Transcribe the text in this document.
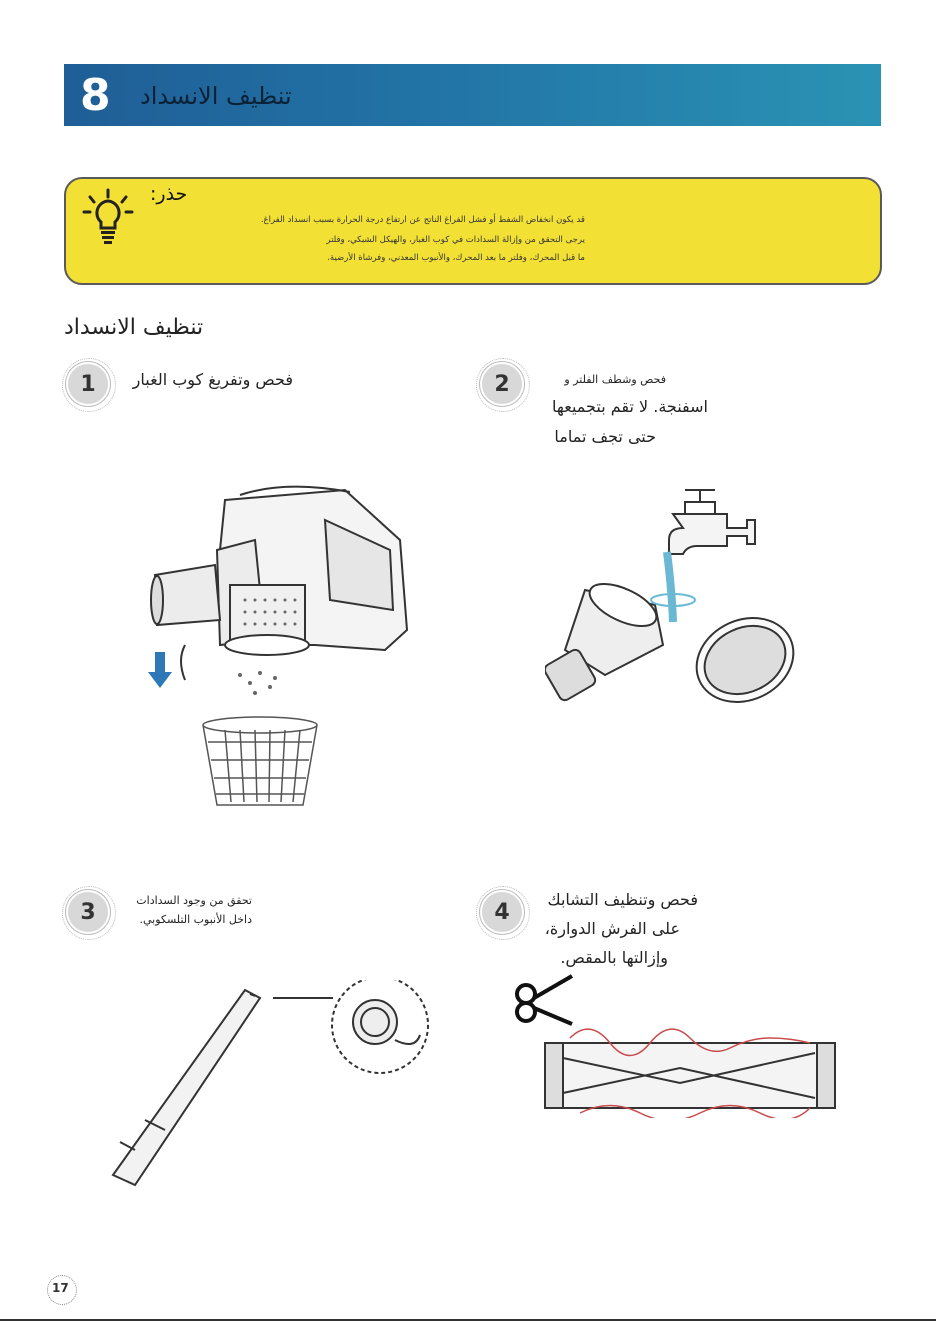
8 تنظيف الانسداد
حذر:
قد يكون انخفاض الشفط أو فشل الفراغ الناتج عن ارتفاع درجة الحرارة بسبب انسداد الفراغ.
يرجى التحقق من وإزالة السدادات في كوب الغبار، والهيكل الشبكي، وفلتر
ما قبل المحرك، وفلتر ما بعد المحرك، والأنبوب المعدني، وفرشاة الأرضية.
تنظيف الانسداد
1	فحص وتفريغ كوب الغبار	2	فحص وشطف الفلتر و
اسفنجة. لا تقم بتجميعها
حتى تجف تماما
3	تحقق من وجود السدادات
داخل الأنبوب التلسكوبي.	4	فحص وتنظيف التشابك
على الفرش الدوارة،
وإزالتها بالمقص.
17
